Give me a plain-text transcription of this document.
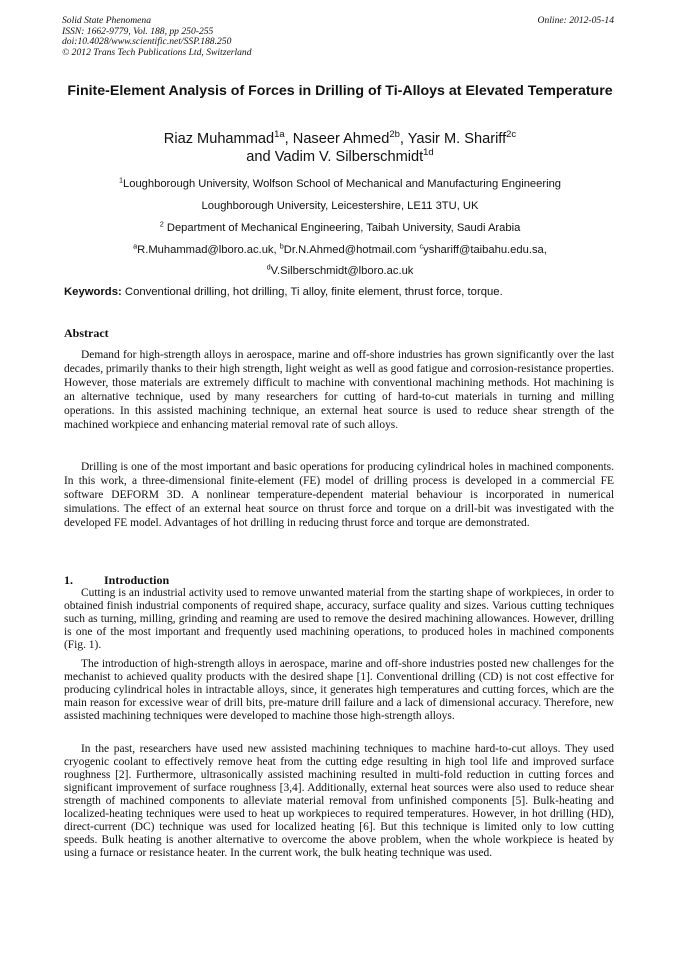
Solid State Phenomena
ISSN: 1662-9779, Vol. 188, pp 250-255
doi:10.4028/www.scientific.net/SSP.188.250
© 2012 Trans Tech Publications Ltd, Switzerland
Online: 2012-05-14
Finite-Element Analysis of Forces in Drilling of Ti-Alloys at Elevated Temperature
Riaz Muhammad$^{1a}$, Naseer Ahmed$^{2b}$, Yasir M. Shariff$^{2c}$
and Vadim V. Silberschmidt$^{1d}$
$^1$Loughborough University, Wolfson School of Mechanical and Manufacturing Engineering
Loughborough University, Leicestershire, LE11 3TU, UK
$^2$ Department of Mechanical Engineering, Taibah University, Saudi Arabia
$^a$R.Muhammad@lboro.ac.uk, $^b$Dr.N.Ahmed@hotmail.com $^c$yshariff@taibahu.edu.sa,
$^d$V.Silberschmidt@lboro.ac.uk
Keywords: Conventional drilling, hot drilling, Ti alloy, finite element, thrust force, torque.
Abstract

Demand for high-strength alloys in aerospace, marine and off-shore industries has grown significantly over the last decades, primarily thanks to their high strength, light weight as well as good fatigue and corrosion-resistance properties. However, those materials are extremely difficult to machine with conventional machining methods. Hot machining is an alternative technique, used by many researchers for cutting of hard-to-cut materials in turning and milling operations. In this assisted machining technique, an external heat source is used to reduce shear strength of the machined workpiece and enhancing material removal rate of such alloys.

Drilling is one of the most important and basic operations for producing cylindrical holes in machined components. In this work, a three-dimensional finite-element (FE) model of drilling process is developed in a commercial FE software DEFORM 3D. A nonlinear temperature-dependent material behaviour is incorporated in numerical simulations. The effect of an external heat source on thrust force and torque on a drill-bit was investigated with the developed FE model. Advantages of hot drilling in reducing thrust force and torque are demonstrated.

1.	Introduction

Cutting is an industrial activity used to remove unwanted material from the starting shape of workpieces, in order to obtained finish industrial components of required shape, accuracy, surface quality and sizes. Various cutting techniques such as turning, milling, grinding and reaming are used to remove the desired machining allowances. However, drilling is one of the most important and frequently used machining operations, to produced holes in machined components (Fig. 1).

The introduction of high-strength alloys in aerospace, marine and off-shore industries posted new challenges for the mechanist to achieved quality products with the desired shape [1]. Conventional drilling (CD) is not cost effective for producing cylindrical holes in intractable alloys, since, it generates high temperatures and cutting forces, which are the main reason for excessive wear of drill bits, pre-mature drill failure and a lack of dimensional accuracy. Therefore, new assisted machining techniques were developed to machine those high-strength alloys.

In the past, researchers have used new assisted machining techniques to machine hard-to-cut alloys. They used cryogenic coolant to effectively remove heat from the cutting edge resulting in high tool life and improved surface roughness [2]. Furthermore, ultrasonically assisted machining resulted in multi-fold reduction in cutting forces and significant improvement of surface roughness [3,4]. Additionally, external heat sources were also used to reduce shear strength of machined components to alleviate material removal from unfinished components [5]. Bulk-heating and localized-heating techniques were used to heat up workpieces to required temperatures. However, in hot drilling (HD), direct-current (DC) technique was used for localized heating [6]. But this technique is limited only to low cutting speeds. Bulk heating is another alternative to overcome the above problem, when the whole workpiece is heated by using a furnace or resistance heater. In the current work, the bulk heating technique was used.
